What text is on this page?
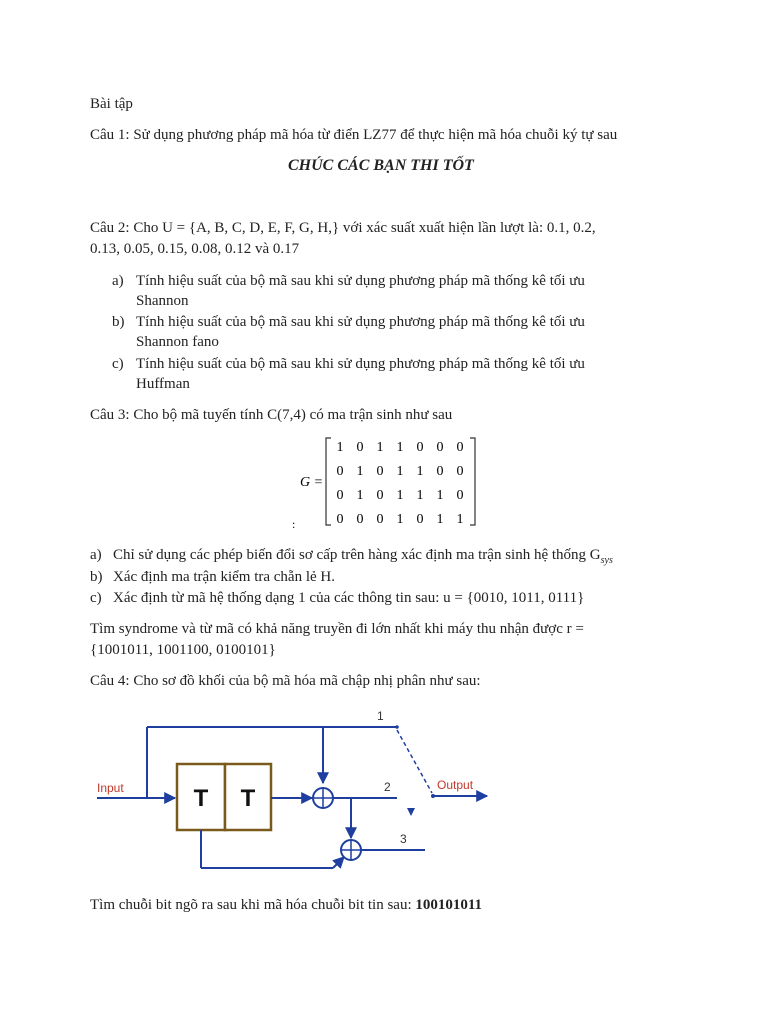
Bài tập
Câu 1: Sử dụng phương pháp mã hóa từ điển LZ77 để thực hiện mã hóa chuỗi ký tự sau
CHÚC CÁC BẠN THI TỐT
Câu 2: Cho U = {A, B, C, D, E, F, G, H,} với xác suất xuất hiện lần lượt là: 0.1, 0.2,
0.13, 0.05, 0.15, 0.08, 0.12 và 0.17
a) Tính hiệu suất của bộ mã sau khi sử dụng phương pháp mã thống kê tối ưu
Shannon
b) Tính hiệu suất của bộ mã sau khi sử dụng phương pháp mã thống kê tối ưu
Shannon fano
c) Tính hiệu suất của bộ mã sau khi sử dụng phương pháp mã thống kê tối ưu
Huffman
Câu 3: Cho bộ mã tuyến tính C(7,4) có ma trận sinh như sau
G =
1 0 1 1 0 0 0
0 1 0 1 1 0 0
0 1 0 1 1 1 0
0 0 0 1 0 1 1
:
a) Chỉ sử dụng các phép biến đổi sơ cấp trên hàng xác định ma trận sinh hệ thống $G_{sys}$
b) Xác định ma trận kiểm tra chẵn lẻ H.
c) Xác định từ mã hệ thống dạng 1 của các thông tin sau: u = {0010, 1011, 0111}
Tìm syndrome và từ mã có khả năng truyền đi lớn nhất khi máy thu nhận được r =
{1001011, 1001100, 0100101}
Câu 4: Cho sơ đồ khối của bộ mã hóa mã chập nhị phân như sau:
Input	T T
1
2
3
Output
Tìm chuỗi bit ngõ ra sau khi mã hóa chuỗi bit tin sau: 100101011
